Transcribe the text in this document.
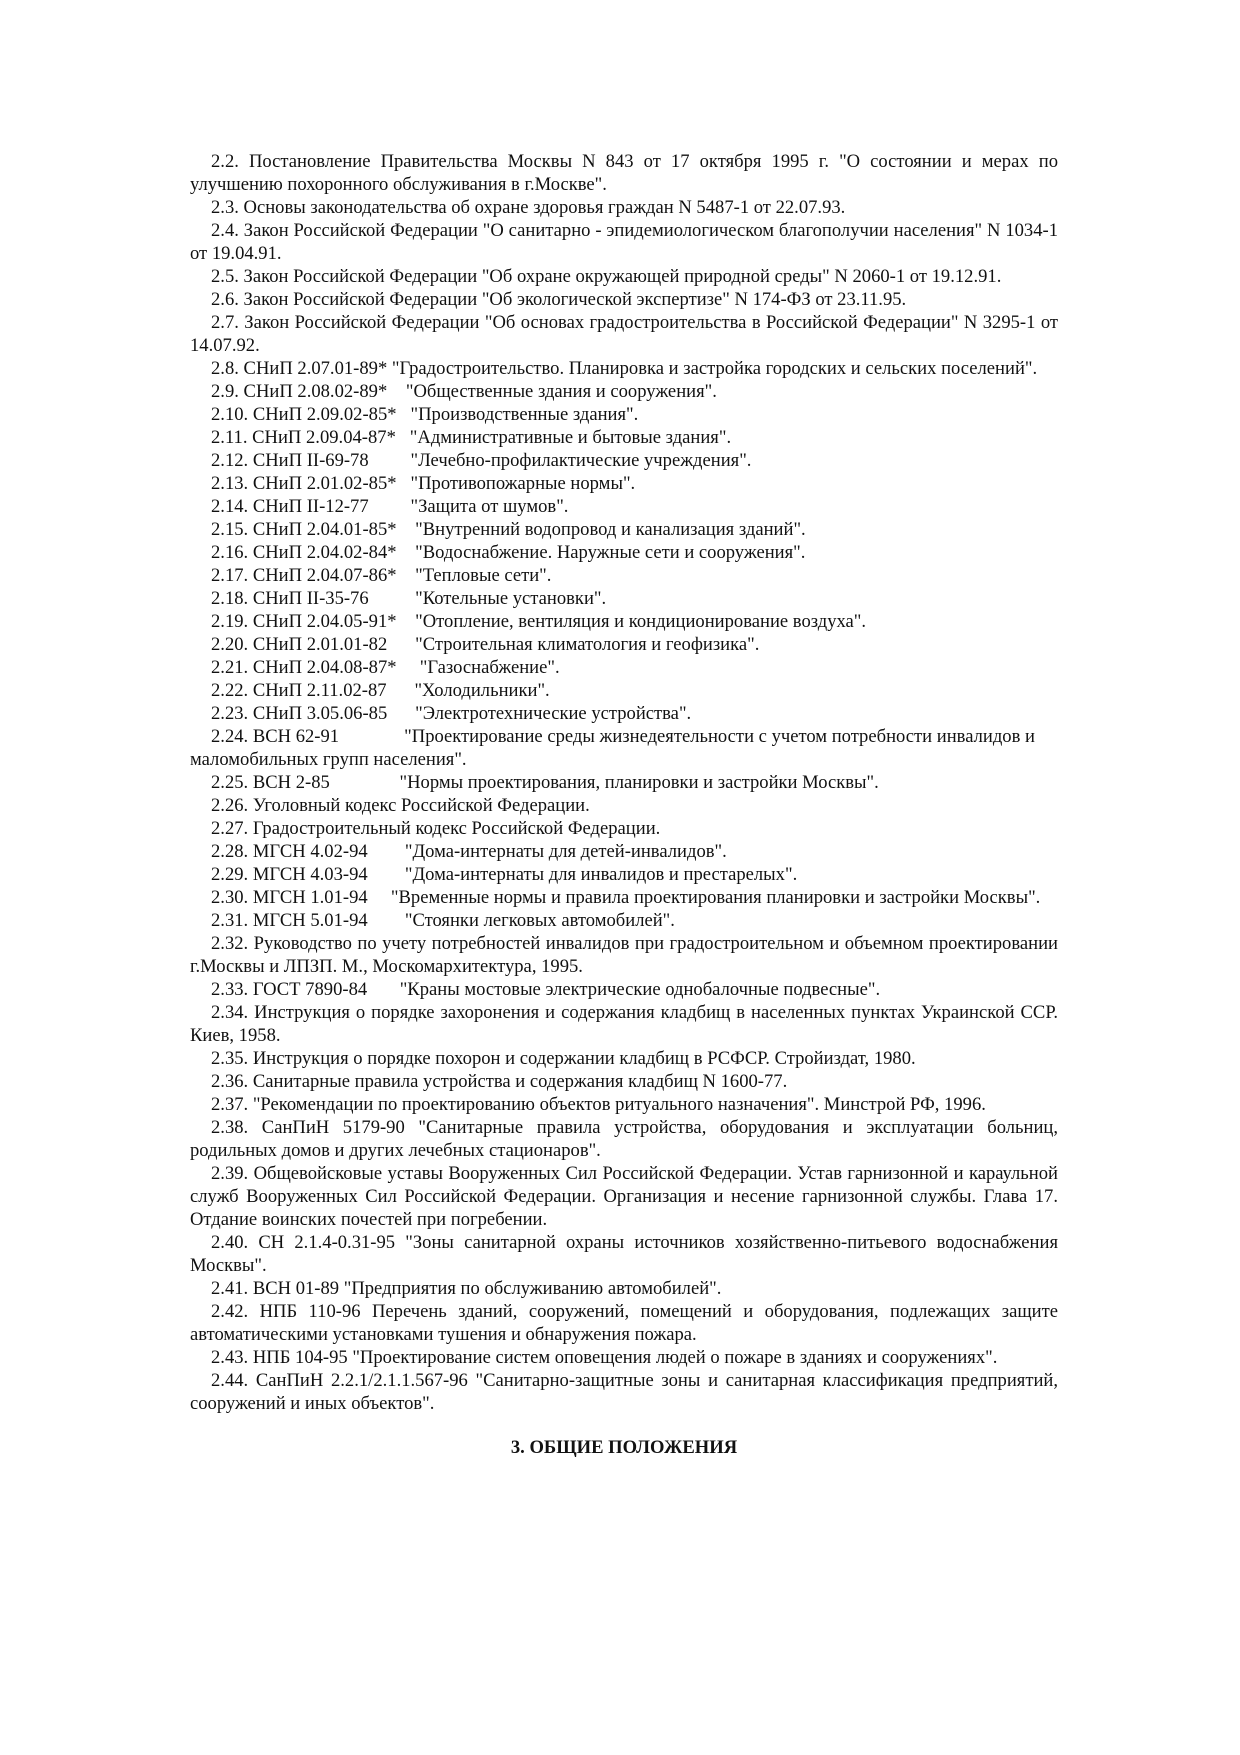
2.2. Постановление Правительства Москвы N 843 от 17 октября 1995 г. "О состоянии и мерах по улучшению похоронного обслуживания в г.Москве".

2.3. Основы законодательства об охране здоровья граждан N 5487-1 от 22.07.93.

2.4. Закон Российской Федерации "О санитарно - эпидемиологическом благополучии населения" N 1034-1 от 19.04.91.

2.5. Закон Российской Федерации "Об охране окружающей природной среды" N 2060-1 от 19.12.91.

2.6. Закон Российской Федерации "Об экологической экспертизе" N 174-ФЗ от 23.11.95.

2.7. Закон Российской Федерации "Об основах градостроительства в Российской Федерации" N 3295-1 от 14.07.92.

2.8. СНиП 2.07.01-89* "Градостроительство. Планировка и застройка городских и сельских поселений".

2.9. СНиП 2.08.02-89*    "Общественные здания и сооружения".

2.10. СНиП 2.09.02-85*   "Производственные здания".

2.11. СНиП 2.09.04-87*   "Административные и бытовые здания".

2.12. СНиП II-69-78         "Лечебно-профилактические учреждения".

2.13. СНиП 2.01.02-85*   "Противопожарные нормы".

2.14. СНиП II-12-77         "Защита от шумов".

2.15. СНиП 2.04.01-85*    "Внутренний водопровод и канализация зданий".

2.16. СНиП 2.04.02-84*    "Водоснабжение. Наружные сети и сооружения".

2.17. СНиП 2.04.07-86*    "Тепловые сети".

2.18. СНиП II-35-76          "Котельные установки".

2.19. СНиП 2.04.05-91*    "Отопление, вентиляция и кондиционирование воздуха".

2.20. СНиП 2.01.01-82      "Строительная климатология и геофизика".

2.21. СНиП 2.04.08-87*     "Газоснабжение".

2.22. СНиП 2.11.02-87      "Холодильники".

2.23. СНиП 3.05.06-85      "Электротехнические устройства".

2.24. ВСН 62-91              "Проектирование среды жизнедеятельности с учетом потребности инвалидов и маломобильных групп населения".

2.25. ВСН 2-85               "Нормы проектирования, планировки и застройки Москвы".

2.26. Уголовный кодекс Российской Федерации.

2.27. Градостроительный кодекс Российской Федерации.

2.28. МГСН 4.02-94        "Дома-интернаты для детей-инвалидов".

2.29. МГСН 4.03-94        "Дома-интернаты для инвалидов и престарелых".

2.30. МГСН 1.01-94     "Временные нормы и правила проектирования планировки и застройки Москвы".

2.31. МГСН 5.01-94        "Стоянки легковых автомобилей".

2.32. Руководство по учету потребностей инвалидов при градостроительном и объемном проектировании г.Москвы и ЛПЗП. М., Москомархитектура, 1995.

2.33. ГОСТ 7890-84       "Краны мостовые электрические однобалочные подвесные".

2.34. Инструкция о порядке захоронения и содержания кладбищ в населенных пунктах Украинской ССР. Киев, 1958.

2.35. Инструкция о порядке похорон и содержании кладбищ в РСФСР. Стройиздат, 1980.

2.36. Санитарные правила устройства и содержания кладбищ N 1600-77.

2.37. "Рекомендации по проектированию объектов ритуального назначения". Минстрой РФ, 1996.

2.38. СанПиН 5179-90 "Санитарные правила устройства, оборудования и эксплуатации больниц, родильных домов и других лечебных стационаров".

2.39. Общевойсковые уставы Вооруженных Сил Российской Федерации. Устав гарнизонной и караульной служб Вооруженных Сил Российской Федерации. Организация и несение гарнизонной службы. Глава 17. Отдание воинских почестей при погребении.

2.40. СН 2.1.4-0.31-95 "Зоны санитарной охраны источников хозяйственно-питьевого водоснабжения Москвы".

2.41. ВСН 01-89 "Предприятия по обслуживанию автомобилей".

2.42. НПБ 110-96 Перечень зданий, сооружений, помещений и оборудования, подлежащих защите автоматическими установками тушения и обнаружения пожара.

2.43. НПБ 104-95 "Проектирование систем оповещения людей о пожаре в зданиях и сооружениях".

2.44. СанПиН 2.2.1/2.1.1.567-96 "Санитарно-защитные зоны и санитарная классификация предприятий, сооружений и иных объектов".

3. ОБЩИЕ ПОЛОЖЕНИЯ
